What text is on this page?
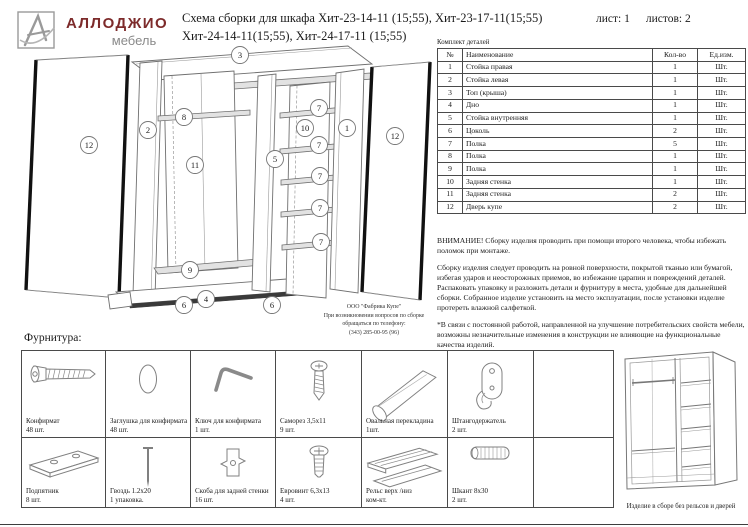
АЛЛОДЖИО
мебель
Схема сборки для шкафа Хит-23-14-11 (15;55), Хит-23-17-11(15;55)
Хит-24-14-11(15;55), Хит-24-17-11 (15;55)
лист: 1 листов: 2
3
12
2
8
11
9
6
4
6
5
10
7
7
7
7
7
1
12
ООО "Фабрика Купе"
При возникновении вопросов по сборке
обращаться по телефону:
(343) 285-00-95 (96)
Комплект деталей
№	Наименование	Кол-во	Ед.изм.
1	Стойка правая	1	Шт.
2	Стойка левая	1	Шт.
3	Топ (крыша)	1	Шт.
4	Дно	1	Шт.
5	Стойка внутренняя	1	Шт.
6	Цоколь	2	Шт.
7	Полка	5	Шт.
8	Полка	1	Шт.
9	Полка	1	Шт.
10	Задняя стенка	1	Шт.
11	Задняя стенка	2	Шт.
12	Дверь купе	2	Шт.

ВНИМАНИЕ! Сборку изделия проводить при помощи второго человека, чтобы избежать поломок при монтаже.

Сборку изделия следует проводить на ровной поверхности, покрытой тканью или бумагой, избегая ударов и неосторожных приемов, во избежание царапин и повреждений деталей. Распаковать упаковку и разложить детали и фурнитуру в места, удобные для дальнейшей сборки. Собранное изделие установить на место эксплуатации, после установки изделие протереть влажной салфеткой.

*В связи с постоянной работой, направленной на улучшение потребительских свойств мебели, возможны незначительные изменения в конструкции не влияющие на функциональные качества изделий.

Фурнитура:
Конфирмат
48 шт.	Заглушка для конфирмата
48 шт.	Ключ для конфирмата
1 шт.	Саморез 3,5х11
9 шт.	Овальная перекладина
1шт.	Штангодержатель
2 шт.	

Подпятник
8 шт.	Гвоздь 1.2х20
1 упаковка.	Скоба для задней стенки
16 шт.	Евровинт 6,3х13
4 шт.	Рельс верх /низ
ком-кт.	Шкант 8х30
2 шт.	

Изделие в сборе без рельсов и дверей
